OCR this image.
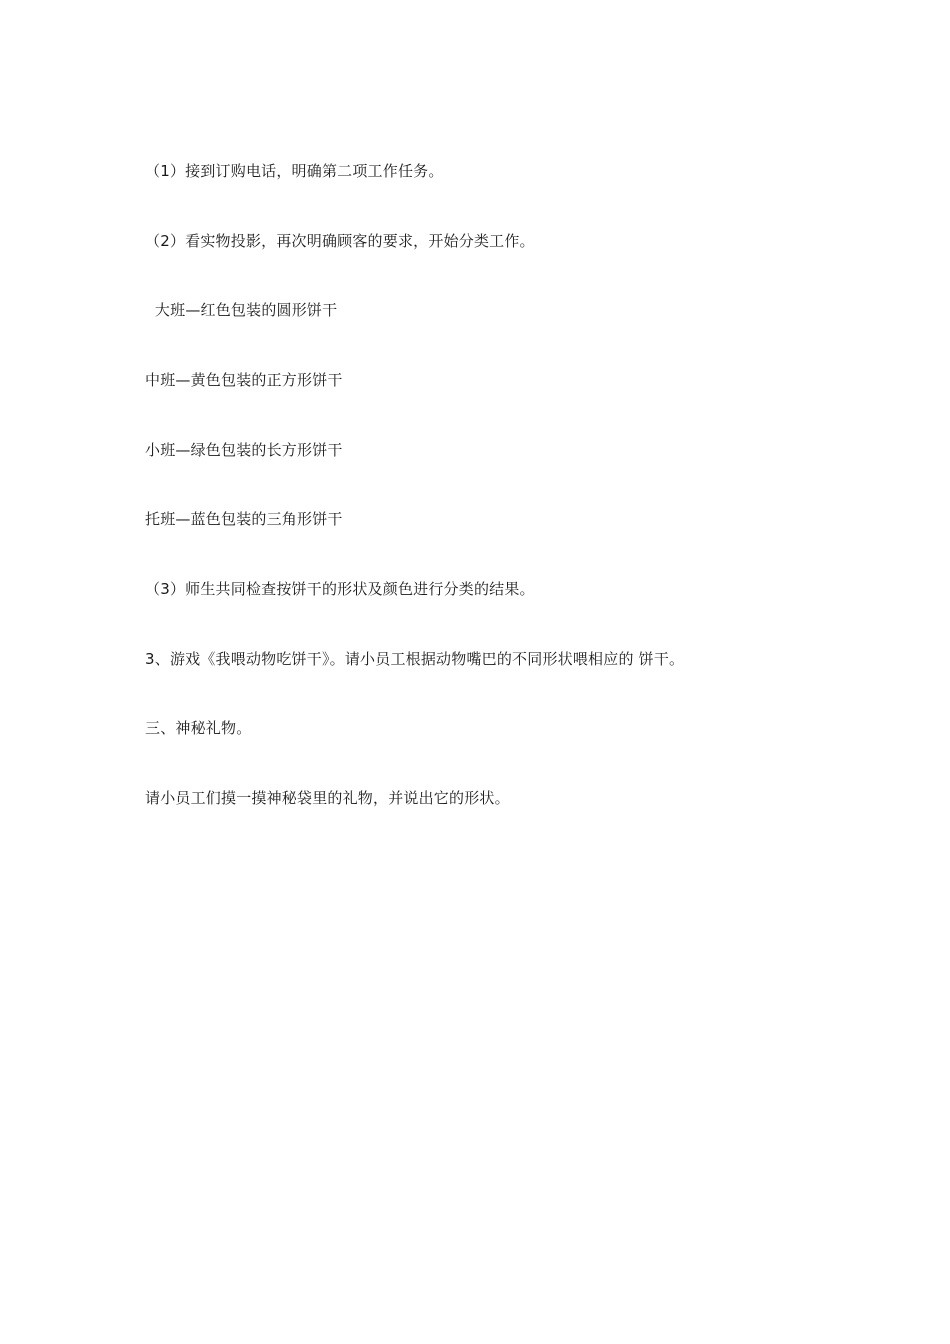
（1）接到订购电话，明确第二项工作任务。
（2）看实物投影，再次明确顾客的要求，开始分类工作。
大班—红色包装的圆形饼干
中班—黄色包装的正方形饼干
小班—绿色包装的长方形饼干
托班—蓝色包装的三角形饼干
（3）师生共同检查按饼干的形状及颜色进行分类的结果。
3、游戏《我喂动物吃饼干》。请小员工根据动物嘴巴的不同形状喂相应的 饼干。
三、神秘礼物。
请小员工们摸一摸神秘袋里的礼物，并说出它的形状。
